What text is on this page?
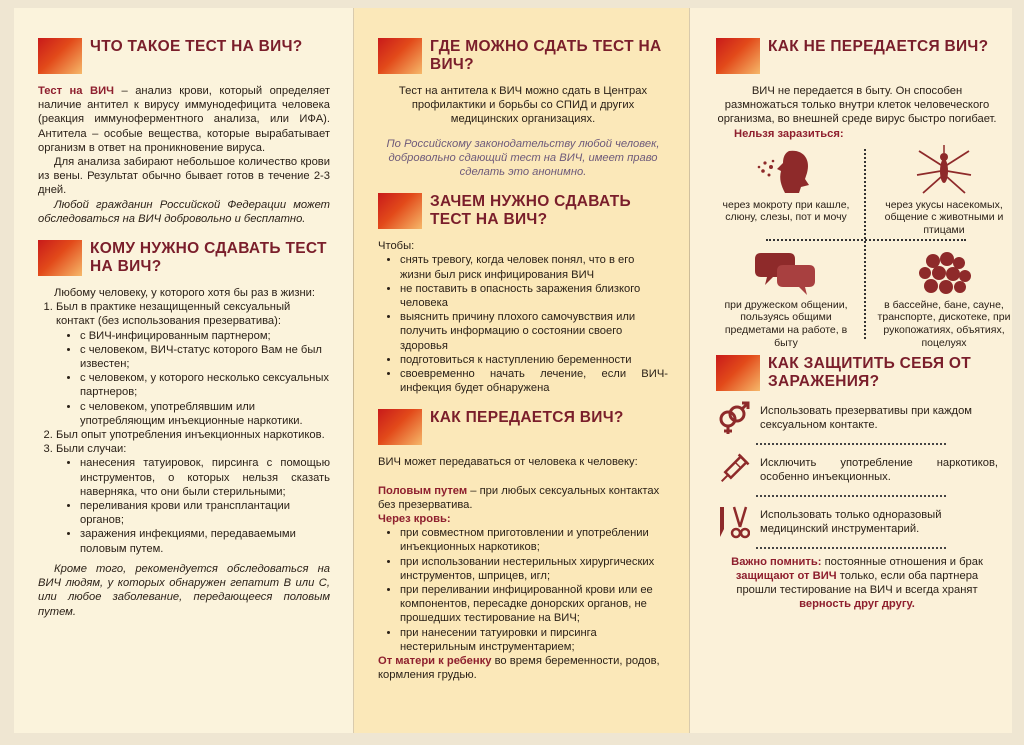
ЧТО ТАКОЕ ТЕСТ НА ВИЧ?

Тест на ВИЧ – анализ крови, который определяет наличие антител к вирусу иммунодефицита человека (реакция иммуноферментного анализа, или ИФА). Антитела – особые вещества, которые вырабатывает организм в ответ на проникновение вируса.

Для анализа забирают небольшое количество крови из вены. Результат обычно бывает готов в течение 2-3 дней.

Любой гражданин Российской Федерации может обследоваться на ВИЧ добровольно и бесплатно.

КОМУ НУЖНО СДАВАТЬ ТЕСТ НА ВИЧ?

Любому человеку, у которого хотя бы раз в жизни:

1. Был в практике незащищенный сексуальный контакт (без использования презерватива):
• с ВИЧ-инфицированным партнером;
• с человеком, ВИЧ-статус которого Вам не был известен;
• с человеком, у которого несколько сексуальных партнеров;
• с человеком, употреблявшим или употребляющим инъекционные наркотики.
2. Был опыт употребления инъекционных наркотиков.
3. Были случаи:
• нанесения татуировок, пирсинга с помощью инструментов, о которых нельзя сказать наверняка, что они были стерильными;
• переливания крови или трансплантации органов;
• заражения инфекциями, передаваемыми половым путем.

Кроме того, рекомендуется обследоваться на ВИЧ людям, у которых обнаружен гепатит В или С, или любое заболевание, передающееся половым путем.

ГДЕ МОЖНО СДАТЬ ТЕСТ НА ВИЧ?

Тест на антитела к ВИЧ можно сдать в Центрах профилактики и борьбы со СПИД и других медицинских организациях.

По Российскому законодательству любой человек, добровольно сдающий тест на ВИЧ, имеет право сделать это анонимно.

ЗАЧЕМ НУЖНО СДАВАТЬ ТЕСТ НА ВИЧ?

Чтобы:

• снять тревогу, когда человек понял, что в его жизни был риск инфицирования ВИЧ
• не поставить в опасность заражения близкого человека
• выяснить причину плохого самочувствия или получить информацию о состоянии своего здоровья
• подготовиться к наступлению беременности
• своевременно начать лечение, если ВИЧ-инфекция будет обнаружена
КАК ПЕРЕДАЕТСЯ ВИЧ?

ВИЧ может передаваться от человека к человеку:

Половым путем – при любых сексуальных контактах без презерватива.

Через кровь:

• при совместном приготовлении и употреблении инъекционных наркотиков;
• при использовании нестерильных хирургических инструментов, шприцев, игл;
• при переливании инфицированной крови или ее компонентов, пересадке донорских органов, не прошедших тестирование на ВИЧ;
• при нанесении татуировки и пирсинга нестерильным инструментарием;

От матери к ребенку во время беременности, родов, кормления грудью.

КАК НЕ ПЕРЕДАЕТСЯ ВИЧ?

ВИЧ не передается в быту. Он способен размножаться только внутри клеток человеческого организма, во внешней среде вирус быстро погибает.

Нельзя заразиться:

через мокроту при кашле, слюну, слезы, пот и мочу
через укусы насекомых, общение с животными и птицами
при дружеском общении, пользуясь общими предметами на работе, в быту
в бассейне, бане, сауне, транспорте, дискотеке, при рукопожатиях, объятиях, поцелуях
КАК ЗАЩИТИТЬ СЕБЯ ОТ ЗАРАЖЕНИЯ?

Использовать презервативы при каждом сексуальном контакте.

Исключить употребление наркотиков, особенно инъекционных.

Использовать только одноразовый медицинский инструментарий.

Важно помнить: постоянные отношения и брак защищают от ВИЧ только, если оба партнера прошли тестирование на ВИЧ и всегда хранят верность друг другу.
